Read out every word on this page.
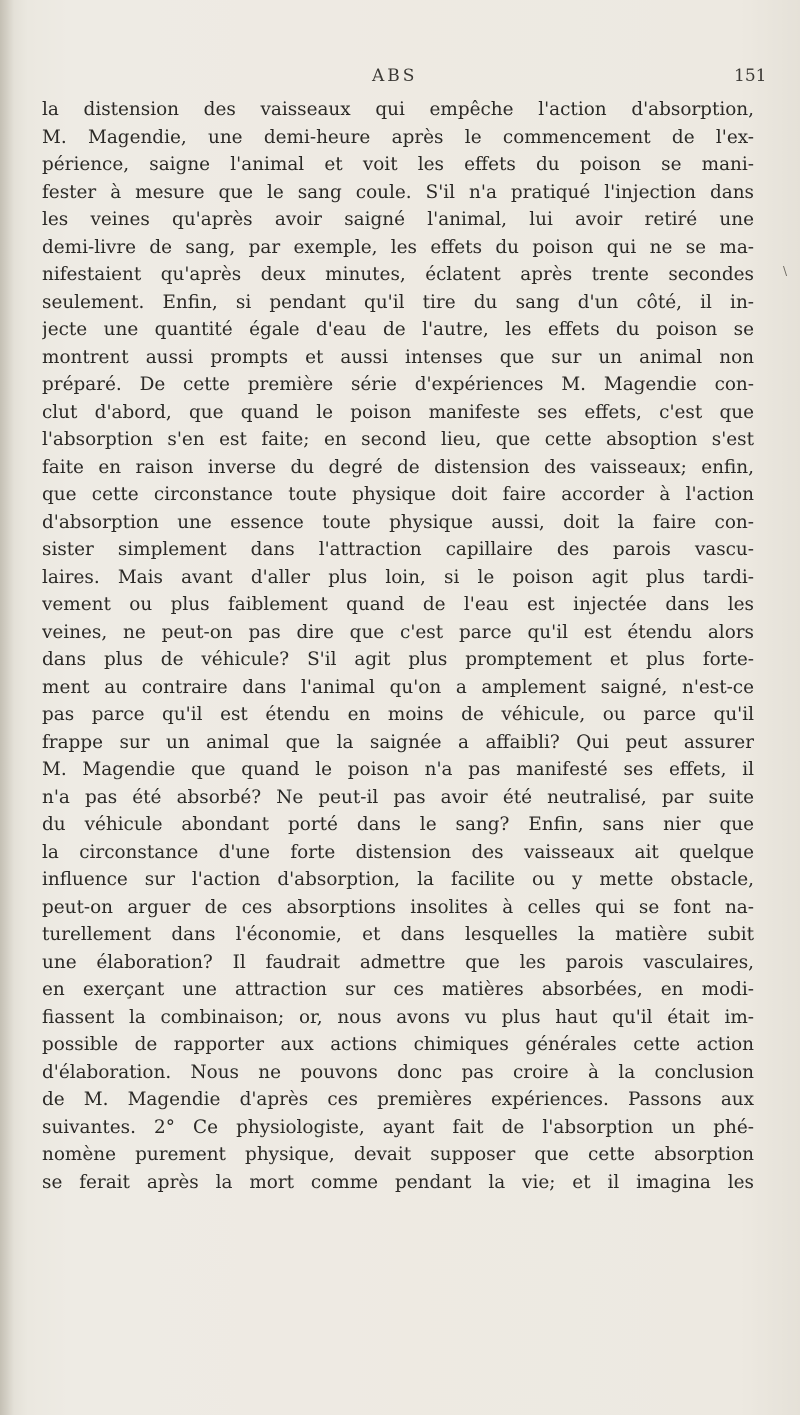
ABS	151
\
la distension des vaisseaux qui empêche l'action d'absorption,
M. Magendie, une demi-heure après le commencement de l'ex-
périence, saigne l'animal et voit les effets du poison se mani-
fester à mesure que le sang coule. S'il n'a pratiqué l'injection dans
les veines qu'après avoir saigné l'animal, lui avoir retiré une
demi-livre de sang, par exemple, les effets du poison qui ne se ma-
nifestaient qu'après deux minutes, éclatent après trente secondes
seulement. Enfin, si pendant qu'il tire du sang d'un côté, il in-
jecte une quantité égale d'eau de l'autre, les effets du poison se
montrent aussi prompts et aussi intenses que sur un animal non
préparé. De cette première série d'expériences M. Magendie con-
clut d'abord, que quand le poison manifeste ses effets, c'est que
l'absorption s'en est faite; en second lieu, que cette absoption s'est
faite en raison inverse du degré de distension des vaisseaux; enfin,
que cette circonstance toute physique doit faire accorder à l'action
d'absorption une essence toute physique aussi, doit la faire con-
sister simplement dans l'attraction capillaire des parois vascu-
laires. Mais avant d'aller plus loin, si le poison agit plus tardi-
vement ou plus faiblement quand de l'eau est injectée dans les
veines, ne peut-on pas dire que c'est parce qu'il est étendu alors
dans plus de véhicule? S'il agit plus promptement et plus forte-
ment au contraire dans l'animal qu'on a amplement saigné, n'est-ce
pas parce qu'il est étendu en moins de véhicule, ou parce qu'il
frappe sur un animal que la saignée a affaibli? Qui peut assurer
M. Magendie que quand le poison n'a pas manifesté ses effets, il
n'a pas été absorbé? Ne peut-il pas avoir été neutralisé, par suite
du véhicule abondant porté dans le sang? Enfin, sans nier que
la circonstance d'une forte distension des vaisseaux ait quelque
influence sur l'action d'absorption, la facilite ou y mette obstacle,
peut-on arguer de ces absorptions insolites à celles qui se font na-
turellement dans l'économie, et dans lesquelles la matière subit
une élaboration? Il faudrait admettre que les parois vasculaires,
en exerçant une attraction sur ces matières absorbées, en modi-
fiassent la combinaison; or, nous avons vu plus haut qu'il était im-
possible de rapporter aux actions chimiques générales cette action
d'élaboration. Nous ne pouvons donc pas croire à la conclusion
de M. Magendie d'après ces premières expériences. Passons aux
suivantes. 2° Ce physiologiste, ayant fait de l'absorption un phé-
nomène purement physique, devait supposer que cette absorption
se ferait après la mort comme pendant la vie; et il imagina les
